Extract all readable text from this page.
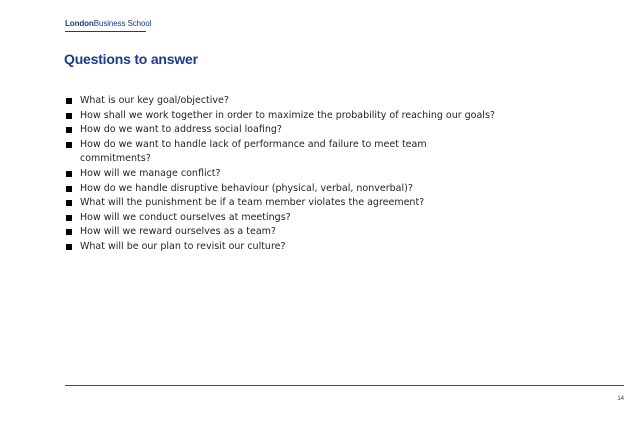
LondonBusiness School
Questions to answer
What is our key goal/objective?
How shall we work together in order to maximize the probability of reaching our goals?
How do we want to address social loafing?
How do we want to handle lack of performance and failure to meet team
commitments?
How will we manage conflict?
How do we handle disruptive behaviour (physical, verbal, nonverbal)?
What will the punishment be if a team member violates the agreement?
How will we conduct ourselves at meetings?
How will we reward ourselves as a team?
What will be our plan to revisit our culture?
14
